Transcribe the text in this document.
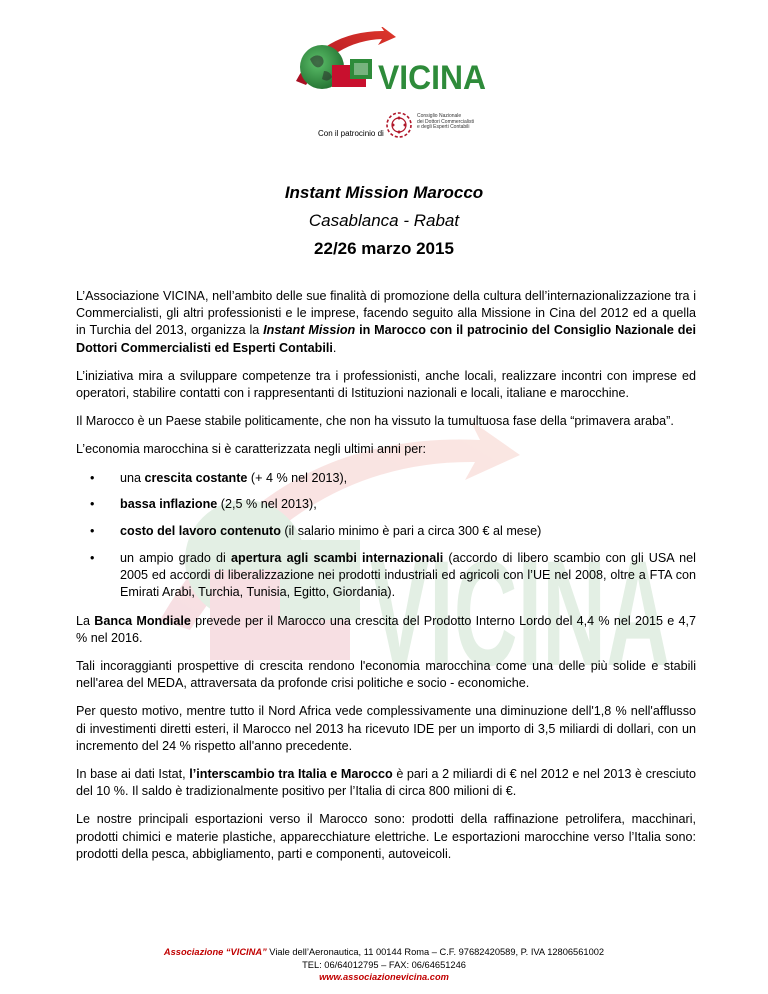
VICINA
VICINA
Con il patrocinio di
Consiglio Nazionale
dei Dottori Commercialisti
e degli Esperti Contabili

Instant Mission Marocco

Casablanca - Rabat

22/26 marzo 2015

L’Associazione VICINA, nell’ambito delle sue finalità di promozione della cultura dell’internazionalizzazione tra i Commercialisti, gli altri professionisti e le imprese, facendo seguito alla Missione in Cina del 2012 ed a quella in Turchia del 2013, organizza la Instant Mission in Marocco con il patrocinio del Consiglio Nazionale dei Dottori Commercialisti ed Esperti Contabili.

L’iniziativa mira a sviluppare competenze tra i professionisti, anche locali, realizzare incontri con imprese ed operatori, stabilire contatti con i rappresentanti di Istituzioni nazionali e locali, italiane e marocchine.

Il Marocco è un Paese stabile politicamente, che non ha vissuto la tumultuosa fase della “primavera araba”.

L’economia marocchina si è caratterizzata negli ultimi anni per:

• una crescita costante (+ 4 % nel 2013),
• bassa inflazione (2,5 % nel 2013),
• costo del lavoro contenuto (il salario minimo è pari a circa 300 € al mese)
• un ampio grado di apertura agli scambi internazionali (accordo di libero scambio con gli USA nel 2005 ed accordi di liberalizzazione nei prodotti industriali ed agricoli con l’UE nel 2008, oltre a FTA con Emirati Arabi, Turchia, Tunisia, Egitto, Giordania).

La Banca Mondiale prevede per il Marocco una crescita del Prodotto Interno Lordo del 4,4 % nel 2015 e 4,7 % nel 2016.

Tali incoraggianti prospettive di crescita rendono l'economia marocchina come una delle più solide e stabili nell'area del MEDA, attraversata da profonde crisi politiche e socio - economiche.

Per questo motivo, mentre tutto il Nord Africa vede complessivamente una diminuzione dell'1,8 % nell'afflusso di investimenti diretti esteri, il Marocco nel 2013 ha ricevuto IDE per un importo di 3,5 miliardi di dollari, con un incremento del 24 % rispetto all'anno precedente.

In base ai dati Istat, l’interscambio tra Italia e Marocco è pari a 2 miliardi di € nel 2012 e nel 2013 è cresciuto del 10 %. Il saldo è tradizionalmente positivo per l’Italia di circa 800 milioni di €.

Le nostre principali esportazioni verso il Marocco sono: prodotti della raffinazione petrolifera, macchinari, prodotti chimici e materie plastiche, apparecchiature elettriche. Le esportazioni marocchine verso l’Italia sono: prodotti della pesca, abbigliamento, parti e componenti, autoveicoli.

Associazione “VICINA” Viale dell’Aeronautica, 11 00144 Roma – C.F. 97682420589, P. IVA 12806561002
TEL: 06/64012795 – FAX: 06/64651246
www.associazionevicina.com
